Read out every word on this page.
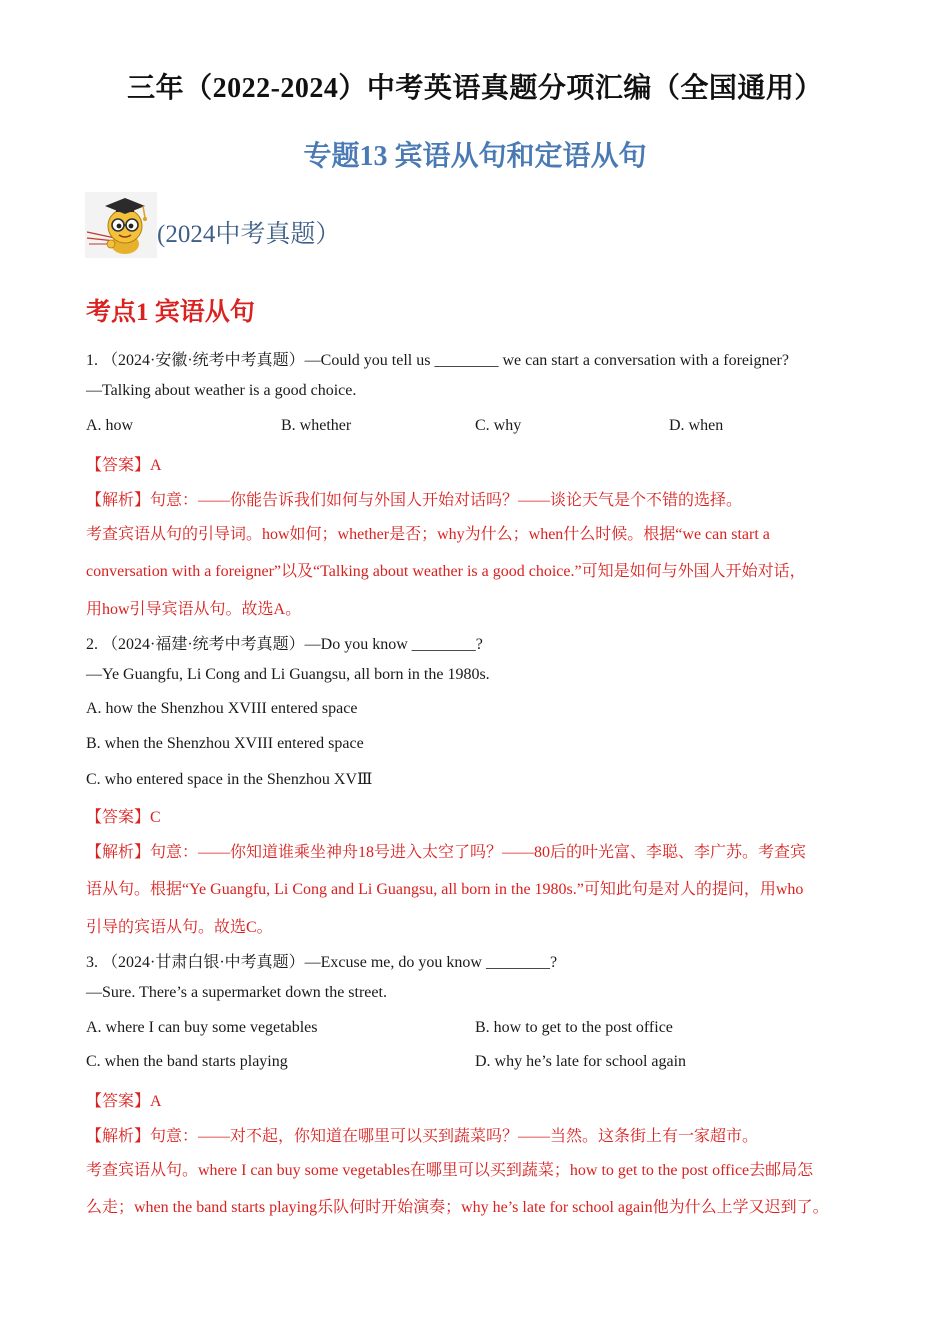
三年（2022-2024）中考英语真题分项汇编（全国通用）
专题13 宾语从句和定语从句
(2024中考真题）
考点1 宾语从句
1. （2024·安徽·统考中考真题）—Could you tell us ________ we can start a conversation with a foreigner?
—Talking about weather is a good choice.
A. how	B. whether	C. why	D. when
【答案】A
【解析】句意：——你能告诉我们如何与外国人开始对话吗？——谈论天气是个不错的选择。
考查宾语从句的引导词。how如何；whether是否；why为什么；when什么时候。根据“we can start a
conversation with a foreigner”以及“Talking about weather is a good choice.”可知是如何与外国人开始对话，
用how引导宾语从句。故选A。
2. （2024·福建·统考中考真题）—Do you know ________?
—Ye Guangfu, Li Cong and Li Guangsu, all born in the 1980s.
A. how the Shenzhou XVIII entered space
B. when the Shenzhou XVIII entered space
C. who entered space in the Shenzhou XVⅢ
【答案】C
【解析】句意：——你知道谁乘坐神舟18号进入太空了吗？——80后的叶光富、李聪、李广苏。考查宾
语从句。根据“Ye Guangfu, Li Cong and Li Guangsu, all born in the 1980s.”可知此句是对人的提问，用who
引导的宾语从句。故选C。
3. （2024·甘肃白银·中考真题）—Excuse me, do you know ________?
—Sure. There’s a supermarket down the street.
A. where I can buy some vegetables	B. how to get to the post office
C. when the band starts playing	D. why he’s late for school again
【答案】A
【解析】句意：——对不起，你知道在哪里可以买到蔬菜吗？——当然。这条街上有一家超市。
考查宾语从句。where I can buy some vegetables在哪里可以买到蔬菜；how to get to the post office去邮局怎
么走；when the band starts playing乐队何时开始演奏；why he’s late for school again他为什么上学又迟到了。
